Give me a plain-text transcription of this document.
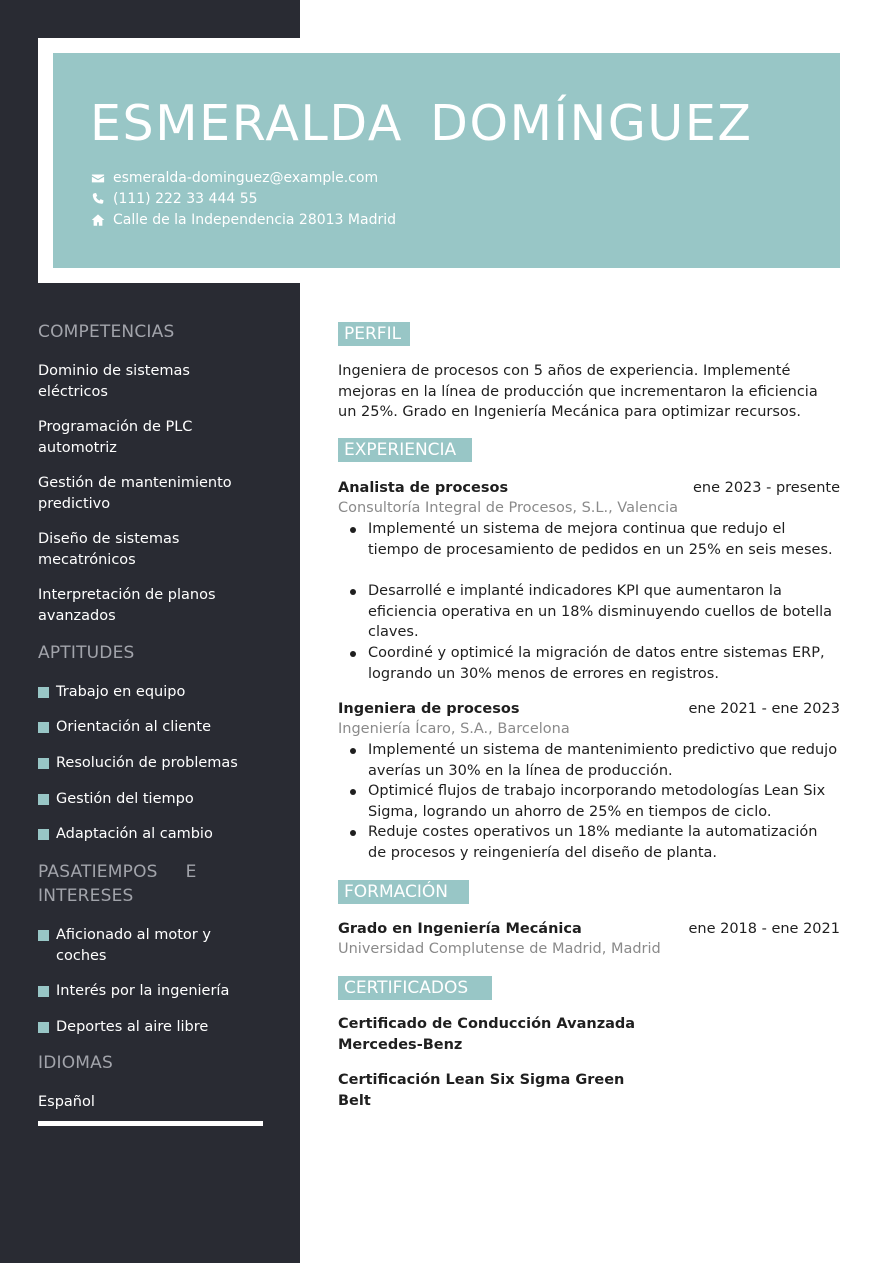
ESMERALDA DOMÍNGUEZ
esmeralda-dominguez@example.com
(111) 222 33 444 55
Calle de la Independencia 28013 Madrid
COMPETENCIAS
Dominio de sistemas eléctricos
Programación de PLC automotriz
Gestión de mantenimiento predictivo
Diseño de sistemas mecatrónicos
Interpretación de planos avanzados
APTITUDES
Trabajo en equipo
Orientación al cliente
Resolución de problemas
Gestión del tiempo
Adaptación al cambio
PASATIEMPOS     E
INTERESES
Aficionado al motor y coches
Interés por la ingeniería
Deportes al aire libre
IDIOMAS
Español
PERFIL
Ingeniera de procesos con 5 años de experiencia. Implementé mejoras en la línea de producción que incrementaron la eficiencia un 25%. Grado en Ingeniería Mecánica para optimizar recursos.
EXPERIENCIA
Analista de procesos	ene 2023 - presente
Consultoría Integral de Procesos, S.L., Valencia
Implementé un sistema de mejora continua que redujo el tiempo de procesamiento de pedidos en un 25% en seis meses.
Desarrollé e implanté indicadores KPI que aumentaron la eficiencia operativa en un 18% disminuyendo cuellos de botella claves.
Coordiné y optimicé la migración de datos entre sistemas ERP, logrando un 30% menos de errores en registros.
Ingeniera de procesos	ene 2021 - ene 2023
Ingeniería Ícaro, S.A., Barcelona
Implementé un sistema de mantenimiento predictivo que redujo averías un 30% en la línea de producción.
Optimicé flujos de trabajo incorporando metodologías Lean Six Sigma, logrando un ahorro de 25% en tiempos de ciclo.
Reduje costes operativos un 18% mediante la automatización de procesos y reingeniería del diseño de planta.
FORMACIÓN
Grado en Ingeniería Mecánica	ene 2018 - ene 2021
Universidad Complutense de Madrid, Madrid
CERTIFICADOS
Certificado de Conducción Avanzada Mercedes-Benz
Certificación Lean Six Sigma Green Belt
